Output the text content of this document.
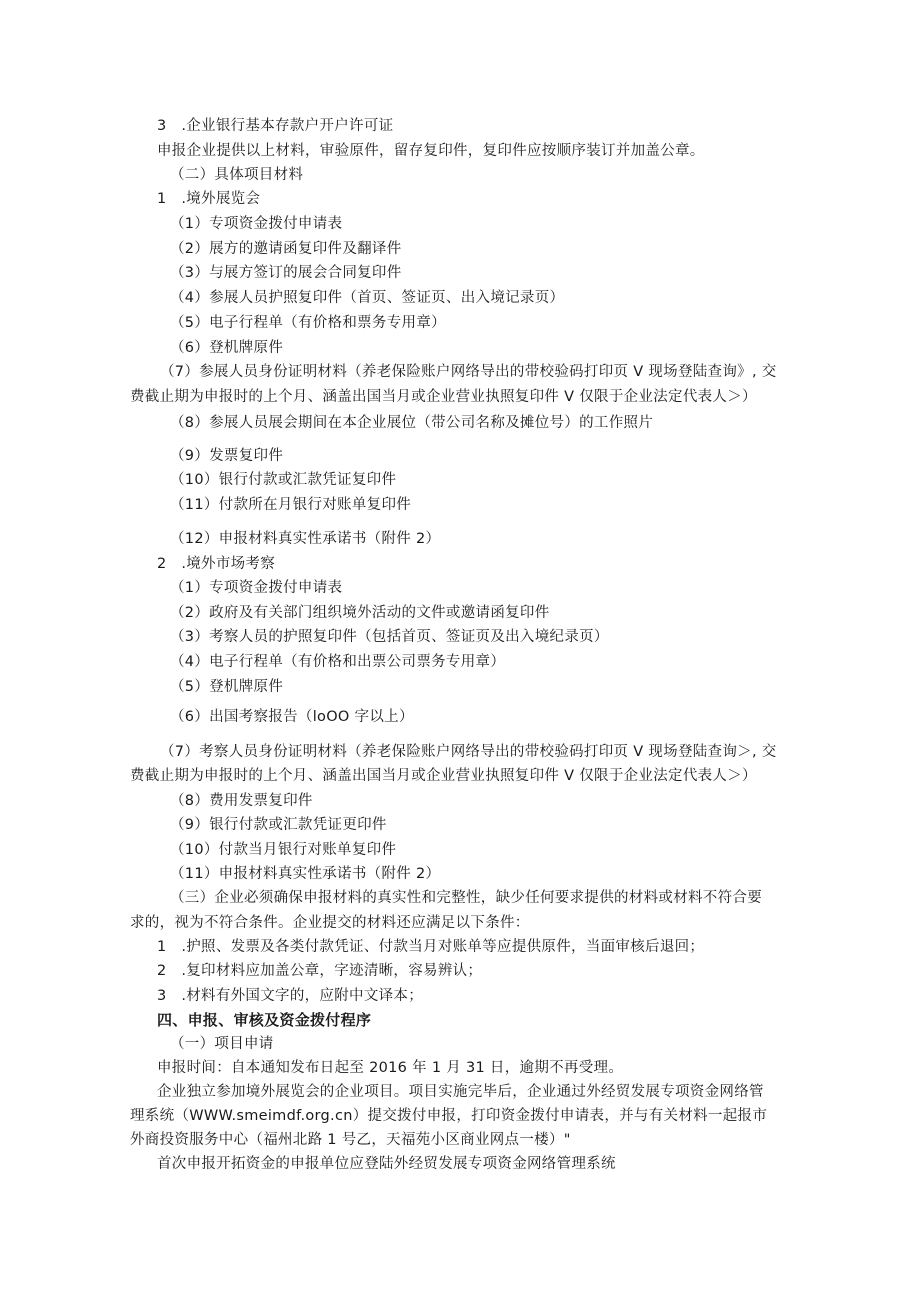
3　.企业银行基本存款户开户许可证
申报企业提供以上材料，审验原件，留存复印件，复印件应按顺序装订并加盖公章。
（二）具体项目材料
1　.境外展览会
（1）专项资金拨付申请表
（2）展方的邀请函复印件及翻译件
（3）与展方签订的展会合同复印件
（4）参展人员护照复印件（首页、签证页、出入境记录页）
（5）电子行程单（有价格和票务专用章）
（6）登机牌原件
（7）参展人员身份证明材料（养老保险账户网络导出的带校验码打印页 V 现场登陆查询》, 交
费截止期为申报时的上个月、涵盖出国当月或企业营业执照复印件 V 仅限于企业法定代表人＞）
（8）参展人员展会期间在本企业展位（带公司名称及摊位号）的工作照片
（9）发票复印件
（10）银行付款或汇款凭证复印件
（11）付款所在月银行对账单复印件
（12）申报材料真实性承诺书（附件 2）
2　.境外市场考察
（1）专项资金拨付申请表
（2）政府及有关部门组织境外活动的文件或邀请函复印件
（3）考察人员的护照复印件（包括首页、签证页及出入境纪录页）
（4）电子行程单（有价格和出票公司票务专用章）
（5）登机牌原件
（6）出国考察报告（loOO 字以上）
（7）考察人员身份证明材料（养老保险账户网络导出的带校验码打印页 V 现场登陆查询＞, 交
费截止期为申报时的上个月、涵盖出国当月或企业营业执照复印件 V 仅限于企业法定代表人＞）
（8）费用发票复印件
（9）银行付款或汇款凭证更印件
（10）付款当月银行对账单复印件
（11）申报材料真实性承诺书（附件 2）
（三）企业必须确保申报材料的真实性和完整性，缺少任何要求提供的材料或材料不符合要
求的，视为不符合条件。企业提交的材料还应满足以下条件：
1　.护照、发票及各类付款凭证、付款当月对账单等应提供原件，当面审核后退回；
2　.复印材料应加盖公章，字迹清晰，容易辨认；
3　.材料有外国文字的，应附中文译本；
四、申报、审核及资金拨付程序
（一）项目申请
申报时间：自本通知发布日起至 2016 年 1 月 31 日，逾期不再受理。
企业独立参加境外展览会的企业项目。项目实施完毕后，企业通过外经贸发展专项资金网络管
理系统（WWW.smeimdf.org.cn）提交拨付申报，打印资金拨付申请表，并与有关材料一起报市
外商投资服务中心（福州北路 1 号乙，天福苑小区商业网点一楼）"
首次申报开拓资金的申报单位应登陆外经贸发展专项资金网络管理系统
